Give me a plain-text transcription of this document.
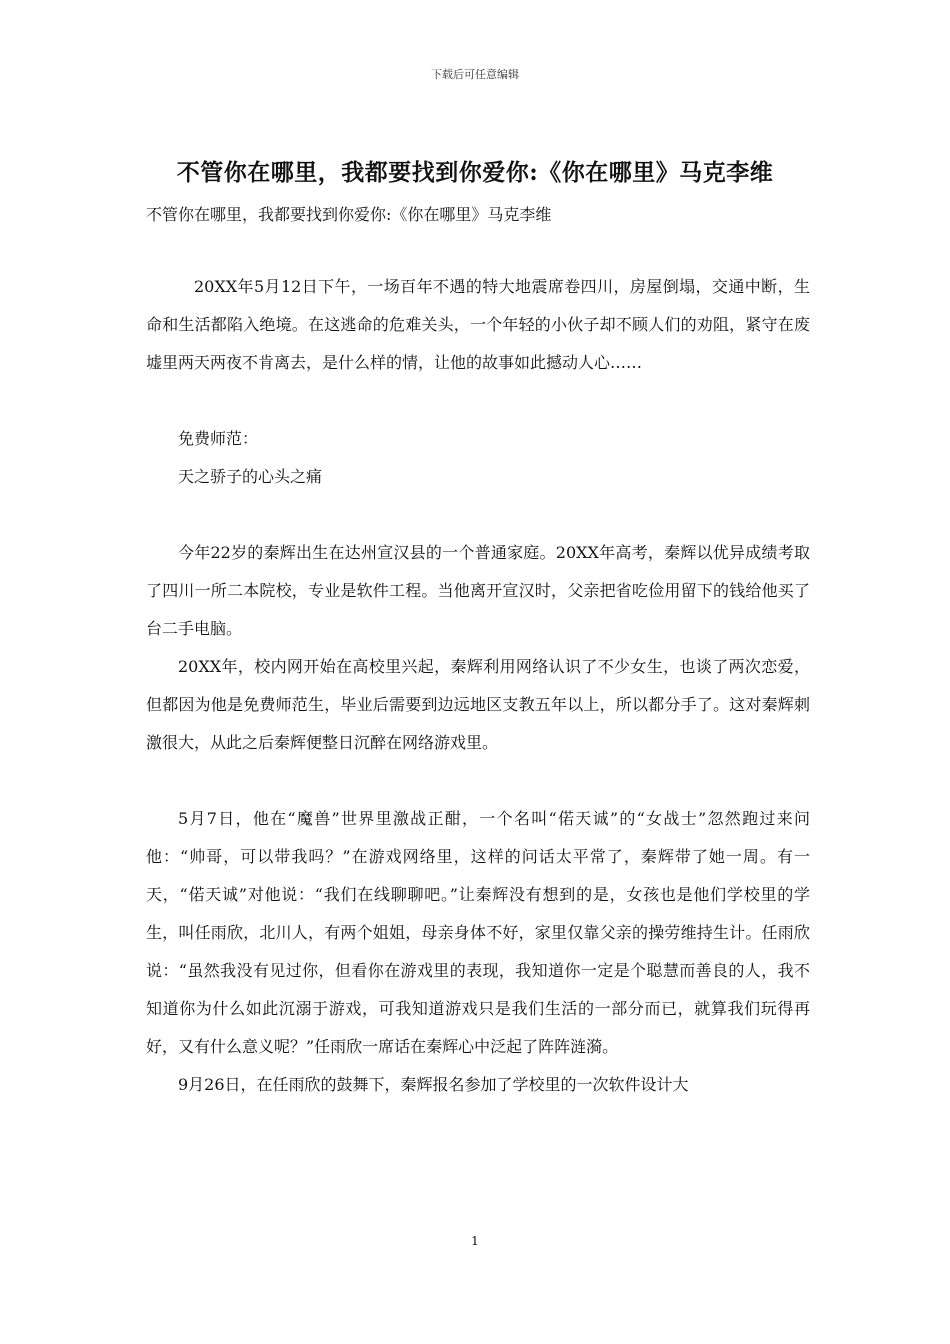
下载后可任意编辑
不管你在哪里，我都要找到你爱你:《你在哪里》马克李维
不管你在哪里，我都要找到你爱你:《你在哪里》马克李维

20XX年5月12日下午，一场百年不遇的特大地震席卷四川，房屋倒塌，交通中断，生命和生活都陷入绝境。在这逃命的危难关头，一个年轻的小伙子却不顾人们的劝阻，紧守在废墟里两天两夜不肯离去，是什么样的情，让他的故事如此撼动人心……

免费师范：

天之骄子的心头之痛

今年22岁的秦辉出生在达州宣汉县的一个普通家庭。20XX年高考，秦辉以优异成绩考取了四川一所二本院校，专业是软件工程。当他离开宣汉时，父亲把省吃俭用留下的钱给他买了台二手电脑。

20XX年，校内网开始在高校里兴起，秦辉利用网络认识了不少女生，也谈了两次恋爱，但都因为他是免费师范生，毕业后需要到边远地区支教五年以上，所以都分手了。这对秦辉刺激很大，从此之后秦辉便整日沉醉在网络游戏里。

5月7日，他在“魔兽”世界里激战正酣，一个名叫“偌天诚”的“女战士”忽然跑过来问他：“帅哥，可以带我吗？”在游戏网络里，这样的问话太平常了，秦辉带了她一周。有一天，“偌天诚”对他说：“我们在线聊聊吧。”让秦辉没有想到的是，女孩也是他们学校里的学生，叫任雨欣，北川人，有两个姐姐，母亲身体不好，家里仅靠父亲的操劳维持生计。任雨欣说：“虽然我没有见过你，但看你在游戏里的表现，我知道你一定是个聪慧而善良的人，我不知道你为什么如此沉溺于游戏，可我知道游戏只是我们生活的一部分而已，就算我们玩得再好，又有什么意义呢？”任雨欣一席话在秦辉心中泛起了阵阵涟漪。

9月26日，在任雨欣的鼓舞下，秦辉报名参加了学校里的一次软件设计大

1
